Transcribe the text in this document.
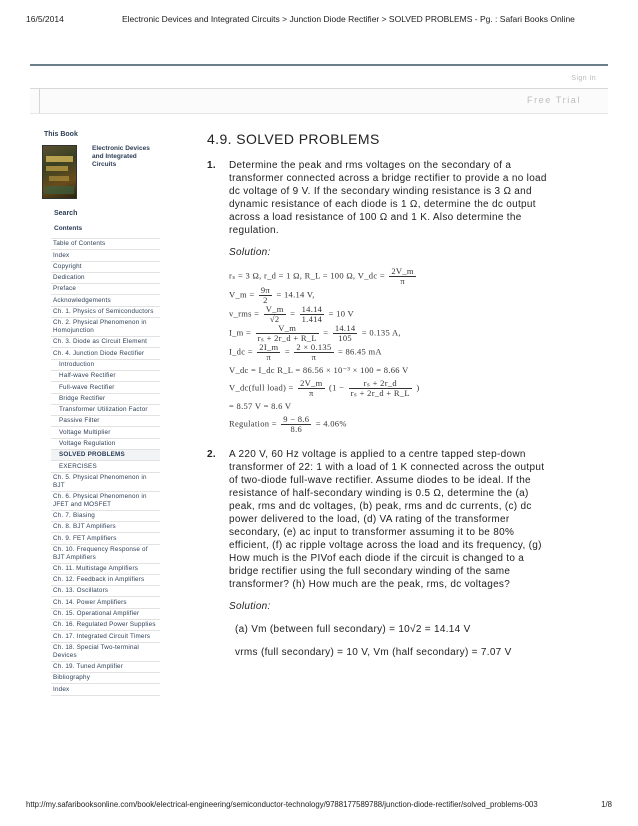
16/5/2014	Electronic Devices and Integrated Circuits > Junction Diode Rectifier > SOLVED PROBLEMS - Pg. : Safari Books Online
Sign In
Free Trial
This Book
Electronic Devices and Integrated Circuits
Search
Contents
Table of Contents
Index
Copyright
Dedication
Preface
Acknowledgements
Ch. 1. Physics of Semiconductors
Ch. 2. Physical Phenomenon in Homojunction
Ch. 3. Diode as Circuit Element
Ch. 4. Junction Diode Rectifier
Introduction
Half-wave Rectifier
Full-wave Rectifier
Bridge Rectifier
Transformer Utilization Factor
Passive Filter
Voltage Multiplier
Voltage Regulation
SOLVED PROBLEMS
EXERCISES
Ch. 5. Physical Phenomenon in BJT
Ch. 6. Physical Phenomenon in JFET and MOSFET
Ch. 7. Biasing
Ch. 8. BJT Amplifiers
Ch. 9. FET Amplifiers
Ch. 10. Frequency Response of BJT Amplifiers
Ch. 11. Multistage Amplifiers
Ch. 12. Feedback in Amplifiers
Ch. 13. Oscillators
Ch. 14. Power Amplifiers
Ch. 15. Operational Amplifier
Ch. 16. Regulated Power Supplies
Ch. 17. Integrated Circuit Timers
Ch. 18. Special Two-terminal Devices
Ch. 19. Tuned Amplifier
Bibliography
Index
4.9. SOLVED PROBLEMS
1. Determine the peak and rms voltages on the secondary of a transformer connected across a bridge rectifier to provide a no load dc voltage of 9 V. If the secondary winding resistance is 3 Ω and dynamic resistance of each diode is 1 Ω, determine the dc output across a load resistance of 100 Ω and 1 K. Also determine the regulation.
Solution:
rₛ = 3 Ω, r_d = 1 Ω, R_L = 100 Ω, V_dc = $\frac{2V\_m}{\pi}$
V_m = $\frac{9\pi}{2} = 14.14$ V,
v_rms = $\frac{V\_m}{√2} = \frac{14.14}{1.414} = 10$ V
I_m = $\frac{V\_m}{\text{rₛ + 2r\_d + R\_L}} = \frac{14.14}{105} = 0.135$ A,
I_dc = $\frac{2I\_m}{\pi} = \frac{2 \times 0.135}{\pi} = 86.45$ mA
V_dc = I_dc R_L = 86.56 × 10⁻³ × 100 = 8.66 V
V_dc(full load) = $\frac{2V\_m}{\pi} (1 - \frac{\text{rₛ + 2r\_d}}{\text{rₛ + 2r\_d + R\_L}}$ )
= 8.57 V = 8.6 V
Regulation = $\frac{9 - 8.6}{8.6} = 4.06\%$
2. A 220 V, 60 Hz voltage is applied to a centre tapped step-down transformer of 22: 1 with a load of 1 K connected across the output of two-diode full-wave rectifier. Assume diodes to be ideal. If the resistance of half-secondary winding is 0.5 Ω, determine the (a) peak, rms and dc voltages, (b) peak, rms and dc currents, (c) dc power delivered to the load, (d) VA rating of the transformer secondary, (e) ac input to transformer assuming it to be 80% efficient, (f) ac ripple voltage across the load and its frequency, (g) How much is the PIVof each diode if the circuit is changed to a bridge rectifier using the full secondary winding of the same transformer? (h) How much are the peak, rms, dc voltages?
Solution:
(a) Vm (between full secondary) = 10√2 = 14.14 V
vrms (full secondary) = 10 V, Vm (half secondary) = 7.07 V
http://my.safaribooksonline.com/book/electrical-engineering/semiconductor-technology/9788177589788/junction-diode-rectifier/solved_problems-003	1/8
